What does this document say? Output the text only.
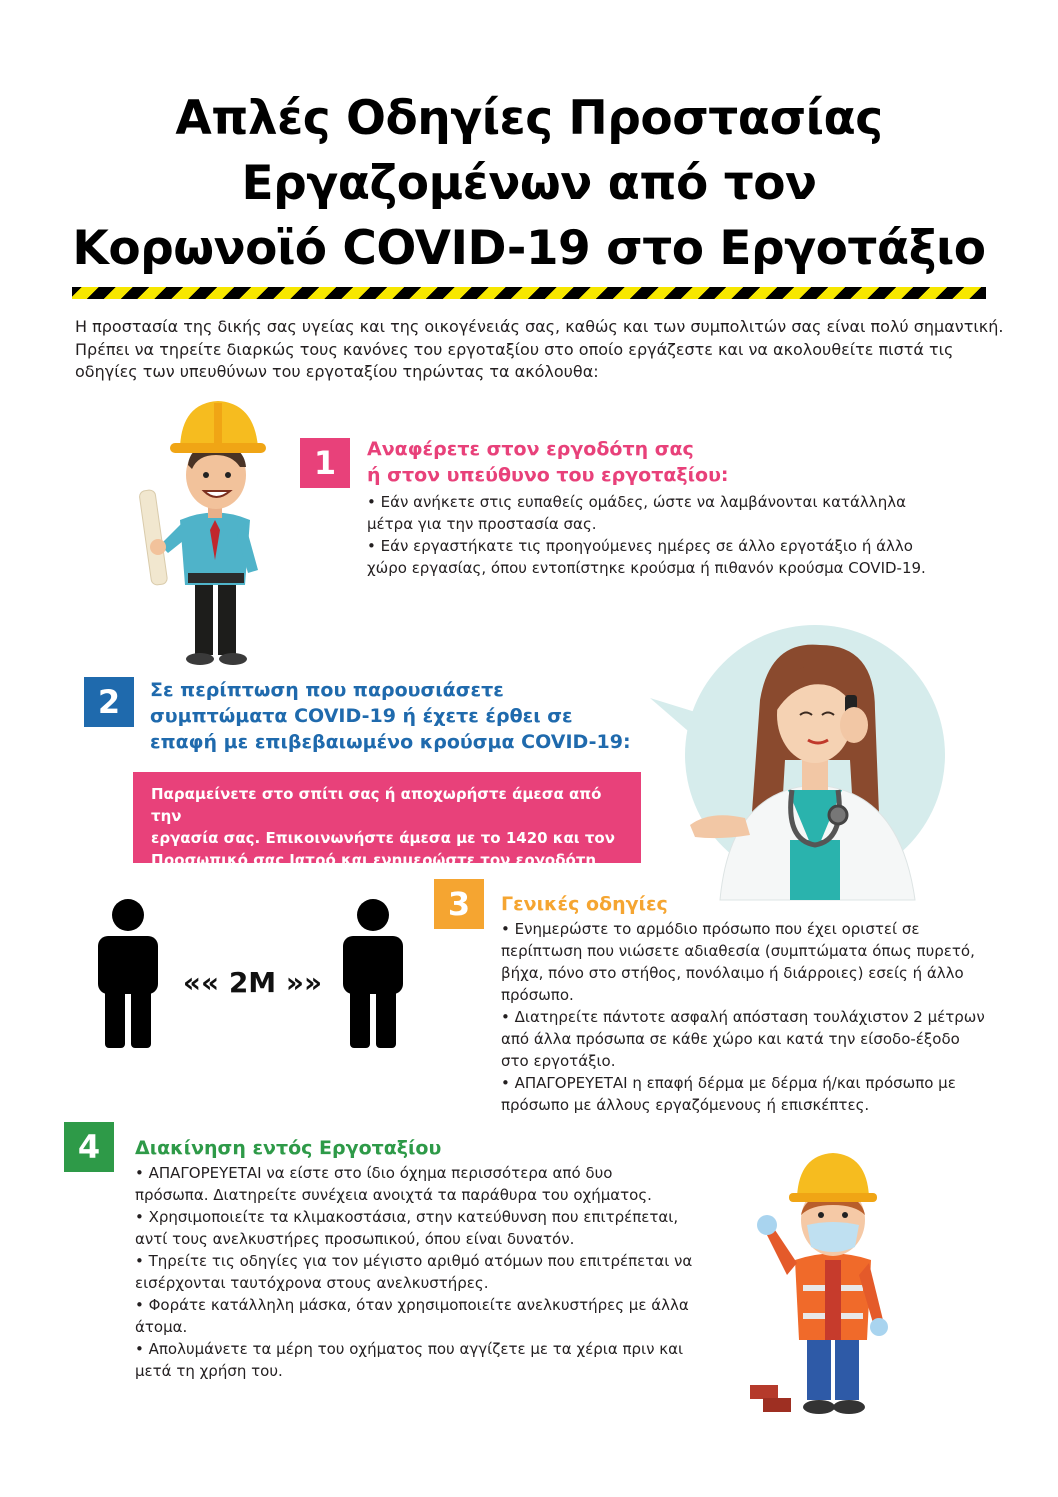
Απλές Οδηγίες Προστασίας
Εργαζομένων από τον
Κορωνοϊό COVID-19 στο Εργοτάξιο

Η προστασία της δικής σας υγείας και της οικογένειάς σας, καθώς και των συμπολιτών σας είναι πολύ σημαντική. Πρέπει να τηρείτε διαρκώς τους κανόνες του εργοταξίου στο οποίο εργάζεστε και να ακολουθείτε πιστά τις οδηγίες των υπευθύνων του εργοταξίου τηρώντας τα ακόλουθα:

1	Αναφέρετε στον εργοδότη σας
ή στον υπεύθυνο του εργοταξίου:
• Εάν ανήκετε στις ευπαθείς ομάδες, ώστε να λαμβάνονται κατάλληλα
μέτρα για την προστασία σας.
• Εάν εργαστήκατε τις προηγούμενες ημέρες σε άλλο εργοτάξιο ή άλλο
χώρο εργασίας, όπου εντοπίστηκε κρούσμα ή πιθανόν κρούσμα COVID-19.
2	Σε περίπτωση που παρουσιάσετε
συμπτώματα COVID-19 ή έχετε έρθει σε
επαφή με επιβεβαιωμένο κρούσμα COVID-19:

Παραμείνετε στο σπίτι σας ή αποχωρήστε άμεσα από την
εργασία σας. Επικοινωνήστε άμεσα με το 1420 και τον
Προσωπικό σας Ιατρό και ενημερώστε τον εργοδότη σας.

«« 2M »»
3	Γενικές οδηγίες
• Ενημερώστε το αρμόδιο πρόσωπο που έχει οριστεί σε
περίπτωση που νιώσετε αδιαθεσία (συμπτώματα όπως πυρετό,
βήχα, πόνο στο στήθος, πονόλαιμο ή διάρροιες) εσείς ή άλλο
πρόσωπο.
• Διατηρείτε πάντοτε ασφαλή απόσταση τουλάχιστον 2 μέτρων
από άλλα πρόσωπα σε κάθε χώρο και κατά την είσοδο-έξοδο
στο εργοτάξιο.
• ΑΠΑΓΟΡΕΥΕΤΑΙ η επαφή δέρμα με δέρμα ή/και πρόσωπο με
πρόσωπο με άλλους εργαζόμενους ή επισκέπτες.
4	Διακίνηση εντός Εργοταξίου
• ΑΠΑΓΟΡΕΥΕΤΑΙ να είστε στο ίδιο όχημα περισσότερα από δυο
πρόσωπα. Διατηρείτε συνέχεια ανοιχτά τα παράθυρα του οχήματος.
• Χρησιμοποιείτε τα κλιμακοστάσια, στην κατεύθυνση που επιτρέπεται,
αντί τους ανελκυστήρες προσωπικού, όπου είναι δυνατόν.
• Τηρείτε τις οδηγίες για τον μέγιστο αριθμό ατόμων που επιτρέπεται να
εισέρχονται ταυτόχρονα στους ανελκυστήρες.
• Φοράτε κατάλληλη μάσκα, όταν χρησιμοποιείτε ανελκυστήρες με άλλα
άτομα.
• Απολυμάνετε τα μέρη του οχήματος που αγγίζετε με τα χέρια πριν και
μετά τη χρήση του.
